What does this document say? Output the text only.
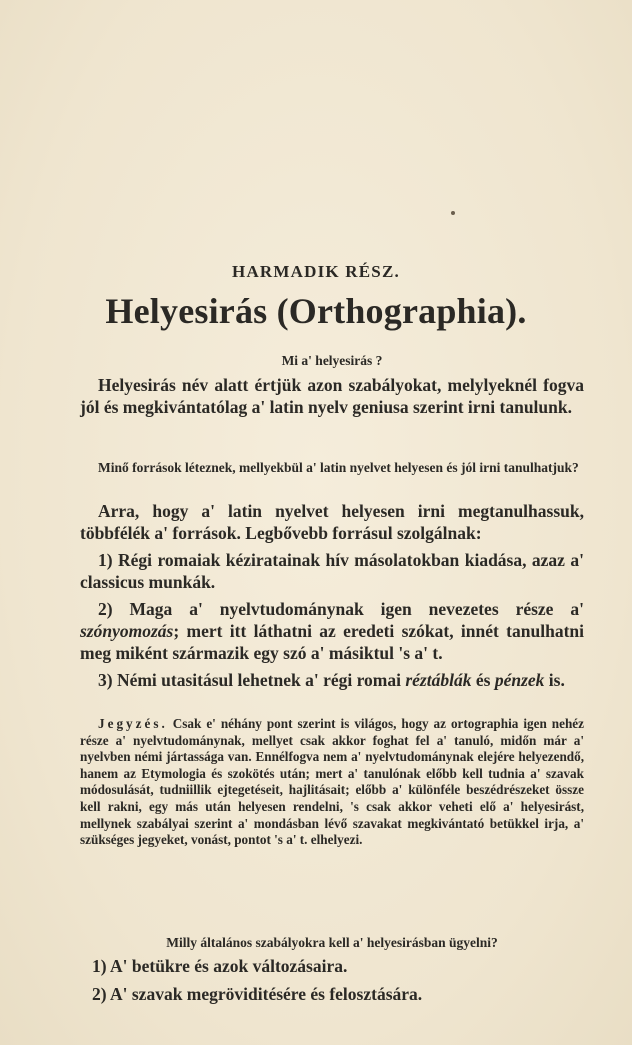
HARMADIK RÉSZ.
Helyesirás (Orthographia).

Mi a' helyesirás ?

Helyesirás név alatt értjük azon szabályokat, melylyeknél fogva jól és megkivántatólag a' latin nyelv geniusa szerint irni tanulunk.

Minő források léteznek, mellyekbül a' latin nyelvet helyesen és jól irni tanulhatjuk?

Arra, hogy a' latin nyelvet helyesen irni megtanulhassuk, többfélék a' források. Legbővebb forrásul szolgálnak:

1) Régi romaiak kéziratainak hív másolatokban kiadása, azaz a' classicus munkák.

2) Maga a' nyelvtudománynak igen nevezetes része a' szónyomozás; mert itt láthatni az eredeti szókat, innét tanulhatni meg miként származik egy szó a' másiktul 's a' t.

3) Némi utasitásul lehetnek a' régi romai réztáblák és pénzek is.

Jegyzés. Csak e' néhány pont szerint is világos, hogy az ortographia igen nehéz része a' nyelvtudománynak, mellyet csak akkor foghat fel a' tanuló, midőn már a' nyelvben némi jártassága van. Ennélfogva nem a' nyelvtudománynak elejére helyezendő, hanem az Etymologia és szokötés után; mert a' tanulónak előbb kell tudnia a' szavak módosulását, tudniillik ejtegetéseit, hajlitásait; előbb a' különféle beszédrészeket össze kell rakni, egy más után helyesen rendelni, 's csak akkor veheti elő a' helyesirást, mellynek szabályai szerint a' mondásban lévő szavakat megkivántató betükkel irja, a' szükséges jegyeket, vonást, pontot 's a' t. elhelyezi.

Milly általános szabályokra kell a' helyesirásban ügyelni?

1) A' betükre és azok változásaira.
2) A' szavak megröviditésére és felosztására.
